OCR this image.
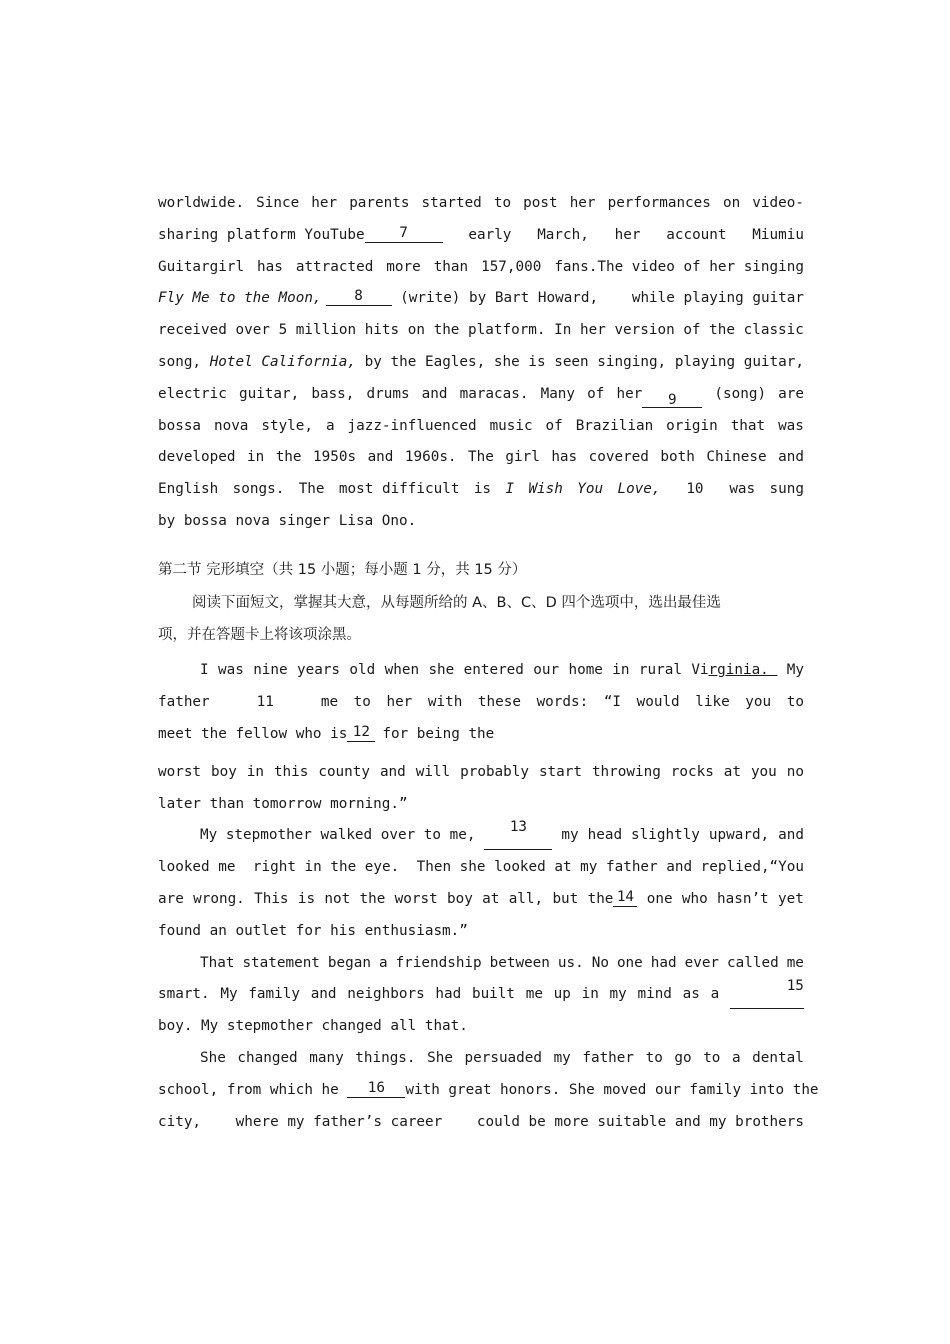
worldwide. Since her parents started to post her performances on video-
sharing platform YouTube 7	early March, her account Miumiu
Guitargirl has attracted more than 157,000 fans.The video of her singing
Fly Me to the Moon, 8	(write) by Bart Howard, while playing guitar
received over 5 million hits on the platform. In her version of the classic
song, Hotel California, by the Eagles, she is seen singing, playing guitar,
electric guitar, bass, drums and maracas. Many of her 9	(song) are
bossa nova style, a jazz-influenced music of Brazilian origin that was
developed in the 1950s and 1960s. The girl has covered both Chinese and
English songs. The most difficult is I Wish You Love,	10	was sung
by bossa nova singer Lisa Ono.
第二节 完形填空（共 15 小题；每小题 1 分，共 15 分）
阅读下面短文，掌握其大意，从每题所给的 A、B、C、D 四个选项中，选出最佳选
项，并在答题卡上将该项涂黑。
I was nine years old when she entered our home in rural Virginia. My
father	11	me to her with these words: “I would like you to
meet the fellow who is 12 for being the
worst boy in this county and will probably start throwing rocks at you no
later than tomorrow morning.”
My stepmother walked over to me,	13	my head slightly upward, and
looked me right in the eye. Then she looked at my father and replied,“You
are wrong. This is not the worst boy at all, but the 14 one who hasn’t yet
found an outlet for his enthusiasm.”
That statement began a friendship between us. No one had ever called me
smart. My family and neighbors had built me up in my mind as a	15
boy. My stepmother changed all that.
She changed many things. She persuaded my father to go to a dental
school, from which he 16 with great honors. She moved our family into the
city, where my father’s career could be more suitable and my brothers
